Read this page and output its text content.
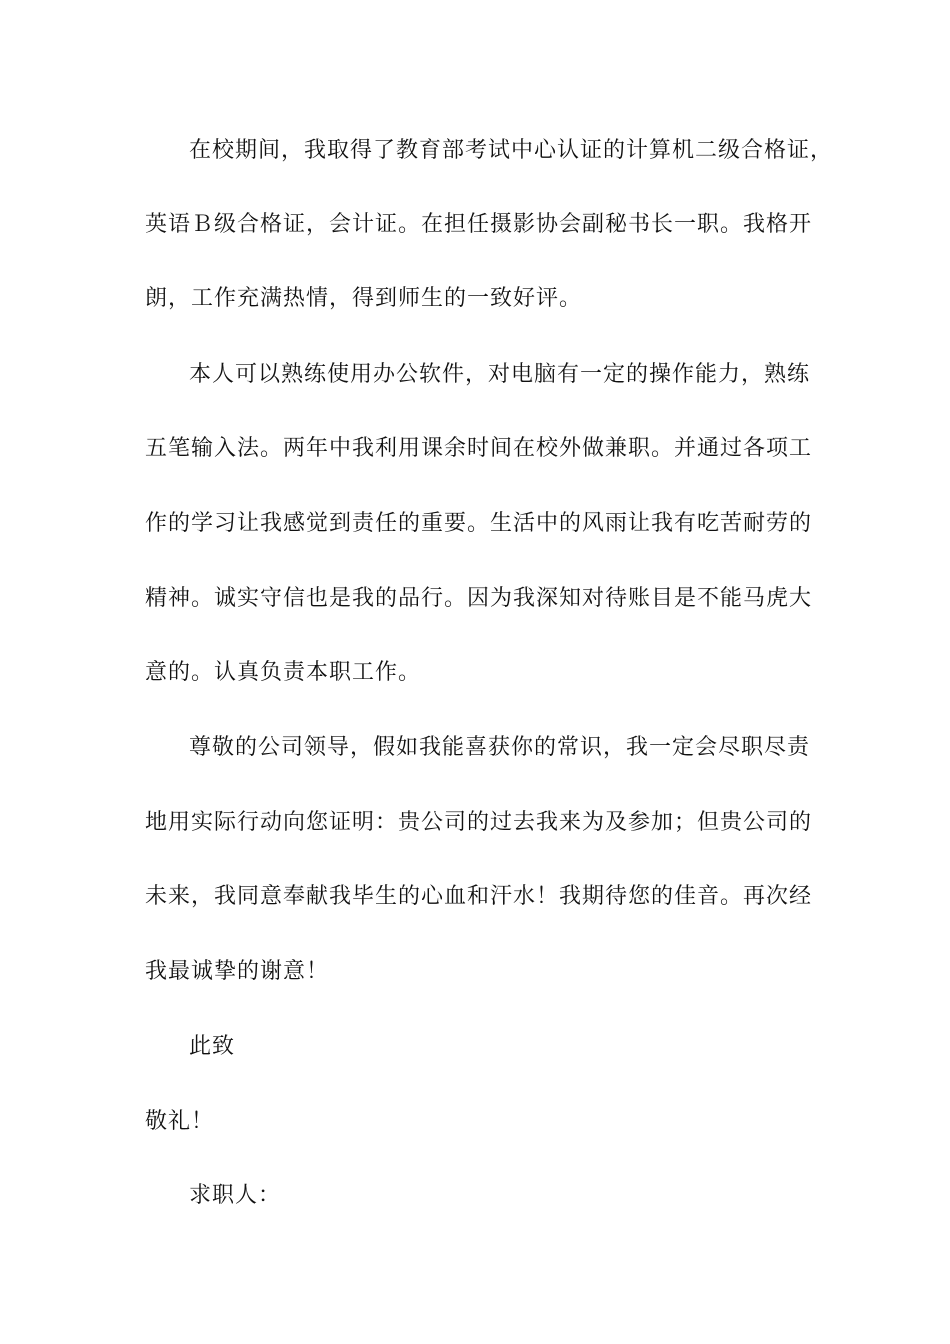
在校期间，我取得了教育部考试中心认证的计算机二级合格证，
英语Ｂ级合格证，会计证。在担任摄影协会副秘书长一职。我格开
朗，工作充满热情，得到师生的一致好评。
本人可以熟练使用办公软件，对电脑有一定的操作能力，熟练
五笔输入法。两年中我利用课余时间在校外做兼职。并通过各项工
作的学习让我感觉到责任的重要。生活中的风雨让我有吃苦耐劳的
精神。诚实守信也是我的品行。因为我深知对待账目是不能马虎大
意的。认真负责本职工作。
尊敬的公司领导，假如我能喜获你的常识，我一定会尽职尽责
地用实际行动向您证明：贵公司的过去我来为及参加；但贵公司的
未来，我同意奉献我毕生的心血和汗水！我期待您的佳音。再次经
我最诚挚的谢意！
此致
敬礼！
求职人：
